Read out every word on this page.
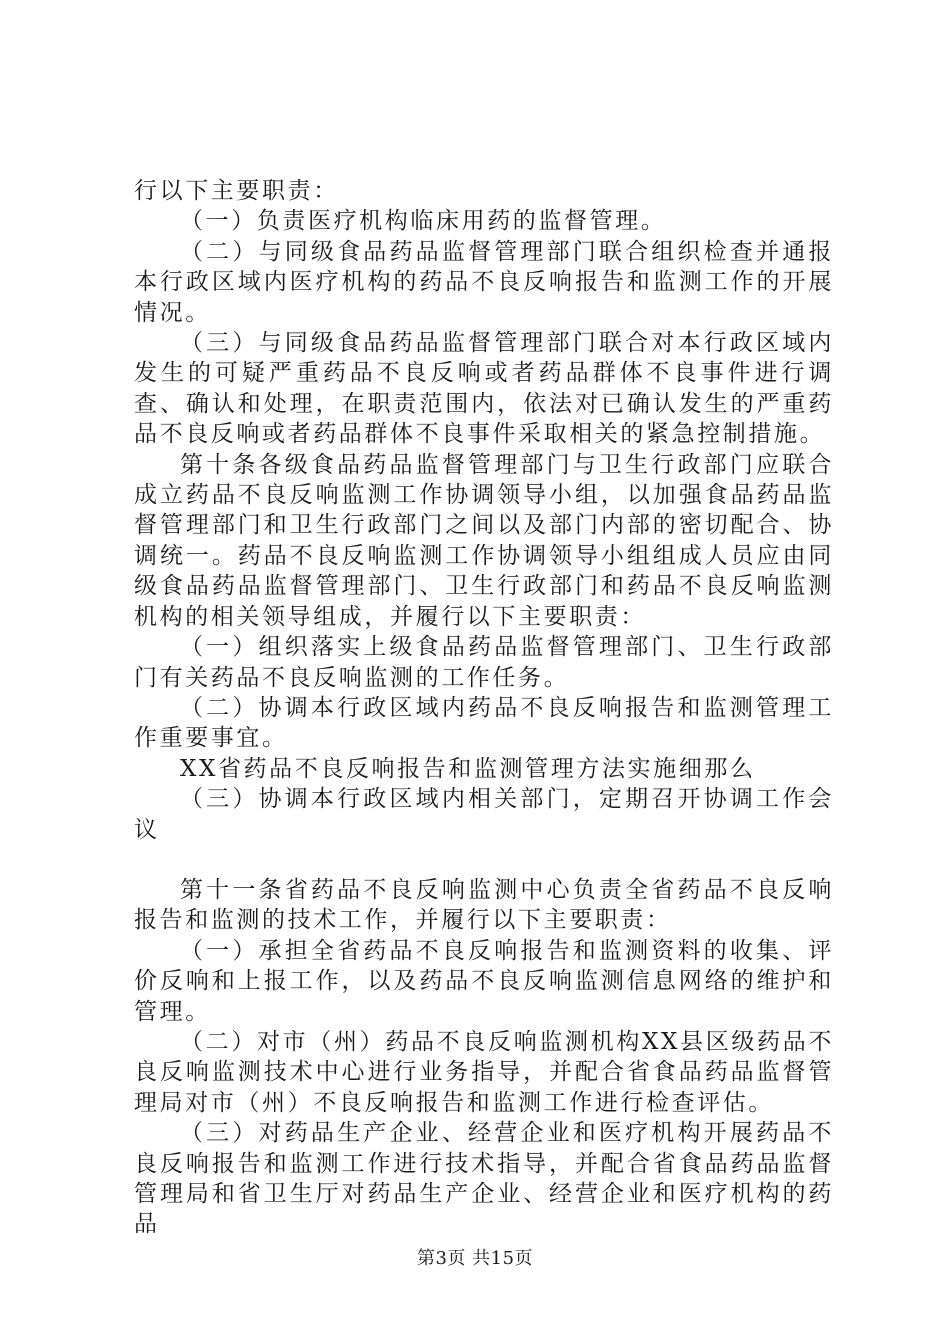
行以下主要职责：

（一）负责医疗机构临床用药的监督管理。

（二）与同级食品药品监督管理部门联合组织检查并通报本行政区域内医疗机构的药品不良反响报告和监测工作的开展情况。

（三）与同级食品药品监督管理部门联合对本行政区域内发生的可疑严重药品不良反响或者药品群体不良事件进行调查、确认和处理，在职责范围内，依法对已确认发生的严重药品不良反响或者药品群体不良事件采取相关的紧急控制措施。

第十条各级食品药品监督管理部门与卫生行政部门应联合成立药品不良反响监测工作协调领导小组，以加强食品药品监督管理部门和卫生行政部门之间以及部门内部的密切配合、协调统一。药品不良反响监测工作协调领导小组组成人员应由同级食品药品监督管理部门、卫生行政部门和药品不良反响监测机构的相关领导组成，并履行以下主要职责：

（一）组织落实上级食品药品监督管理部门、卫生行政部门有关药品不良反响监测的工作任务。

（二）协调本行政区域内药品不良反响报告和监测管理工作重要事宜。

XX省药品不良反响报告和监测管理方法实施细那么

（三）协调本行政区域内相关部门，定期召开协调工作会议

第十一条省药品不良反响监测中心负责全省药品不良反响报告和监测的技术工作，并履行以下主要职责：

（一）承担全省药品不良反响报告和监测资料的收集、评价反响和上报工作，以及药品不良反响监测信息网络的维护和管理。

（二）对市（州）药品不良反响监测机构XX县区级药品不良反响监测技术中心进行业务指导，并配合省食品药品监督管理局对市（州）不良反响报告和监测工作进行检查评估。

（三）对药品生产企业、经营企业和医疗机构开展药品不良反响报告和监测工作进行技术指导，并配合省食品药品监督管理局和省卫生厅对药品生产企业、经营企业和医疗机构的药品

第3页 共15页
